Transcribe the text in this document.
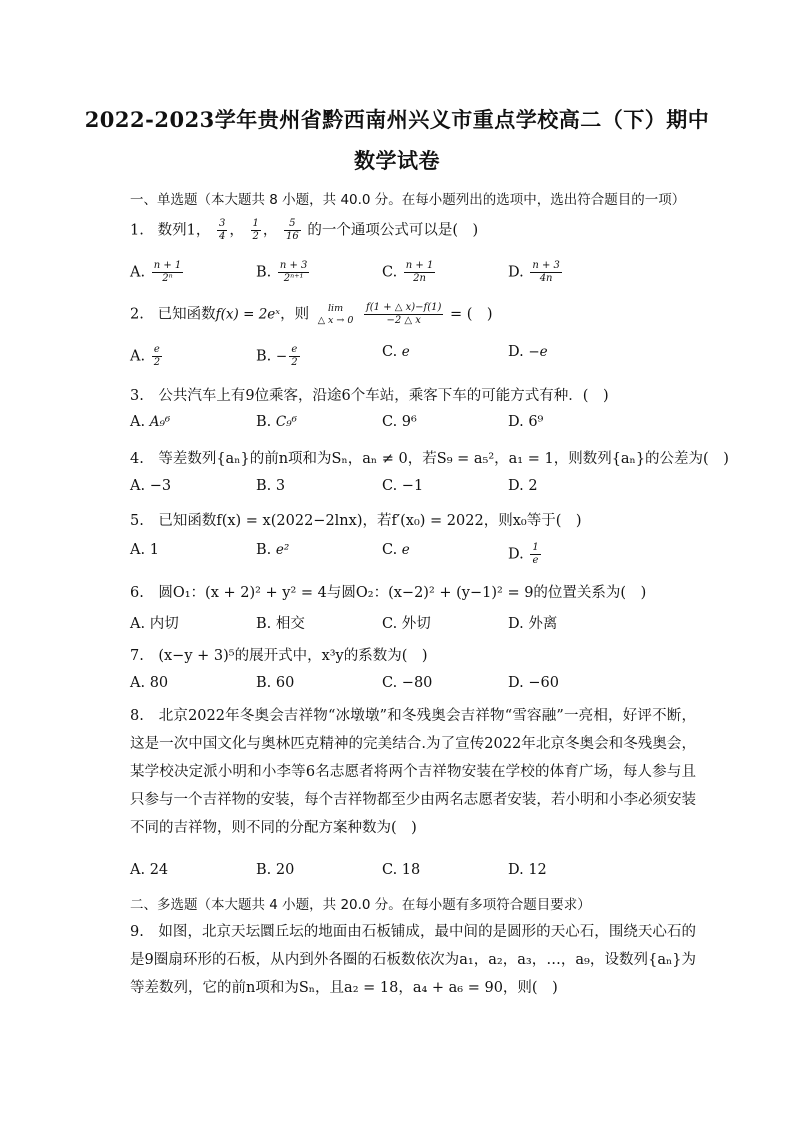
2022-2023学年贵州省黔西南州兴义市重点学校高二（下）期中
数学试卷
一、单选题（本大题共 8 小题，共 40.0 分。在每小题列出的选项中，选出符合题目的一项）
1. 数列1， $\frac{3}{4}$ ， $\frac{1}{2}$ ， $\frac{5}{16}$ 的一个通项公式可以是(　)
A. $\frac{n + 1}{\text{2ⁿ}}$	B. $\frac{n + 3}{\text{2ⁿ⁺¹}}$	C. $\frac{n + 1}{2n}$	D. $\frac{n + 3}{4n}$
2. 已知函数f(x) = 2eˣ，则	lim
△ x → 0
$\frac{f(1 + \triangle x)-f(1)}{-2 \triangle x}$ = (　)
A. $\frac{e}{2}$	B. − $\frac{e}{2}$	C. e	D. −e
3.　公共汽车上有9位乘客，沿途6个车站，乘客下车的可能方式有种．(　)
A. A₉⁶	B. C₉⁶	C. 9⁶	D. 6⁹
4.　等差数列{aₙ}的前n项和为Sₙ，aₙ ≠ 0，若S₉ = a₅²，a₁ = 1，则数列{aₙ}的公差为(　)
A. −3	B. 3	C. −1	D. 2
5.　已知函数f(x) = x(2022−2lnx)，若f′(x₀) = 2022，则x₀等于(　)
A. 1	B. e²	C. e	D. $\frac{1}{e}$
6.　圆O₁：(x + 2)² + y² = 4与圆O₂：(x−2)² + (y−1)² = 9的位置关系为(　)
A. 内切	B. 相交	C. 外切	D. 外离
7.　(x−y + 3)⁵的展开式中，x³y的系数为(　)
A. 80	B. 60	C. −80	D. −60
8.　北京2022年冬奥会吉祥物“冰墩墩”和冬残奥会吉祥物“雪容融”一亮相，好评不断，这是一次中国文化与奥林匹克精神的完美结合.为了宣传2022年北京冬奥会和冬残奥会，某学校决定派小明和小李等6名志愿者将两个吉祥物安装在学校的体育广场，每人参与且只参与一个吉祥物的安装，每个吉祥物都至少由两名志愿者安装，若小明和小李必须安装不同的吉祥物，则不同的分配方案种数为(　)
A. 24	B. 20	C. 18	D. 12
二、多选题（本大题共 4 小题，共 20.0 分。在每小题有多项符合题目要求）
9.　如图，北京天坛圜丘坛的地面由石板铺成，最中间的是圆形的天心石，围绕天心石的是9圈扇环形的石板，从内到外各圈的石板数依次为a₁，a₂，a₃，…，a₉，设数列{aₙ}为等差数列，它的前n项和为Sₙ，且a₂ = 18，a₄ + a₆ = 90，则(　)
